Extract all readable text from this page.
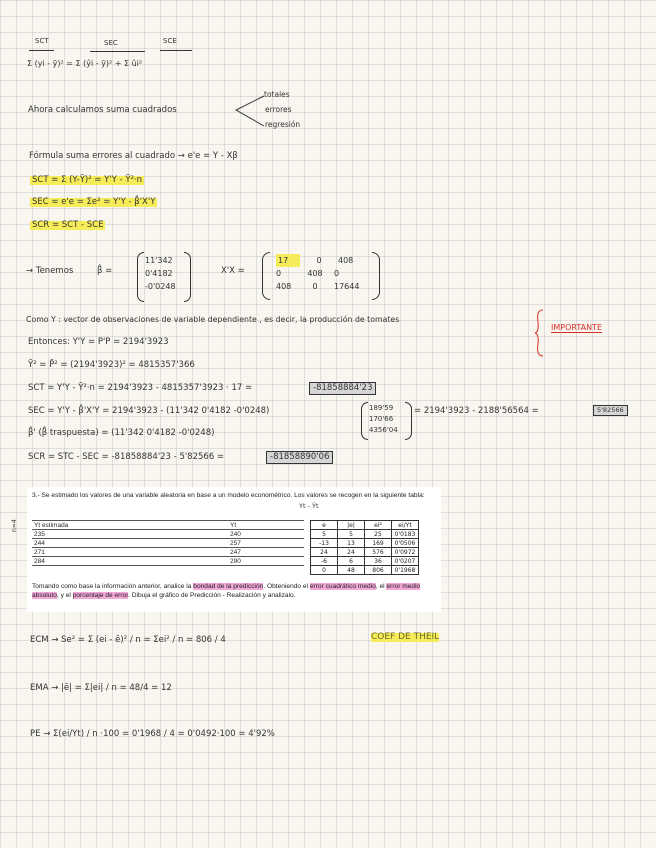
SCT	SEC	SCE
Σ (yi - ȳ)² = Σ (ŷi - ȳ)² + Σ ûi²
Ahora calculamos suma cuadrados
totales
errores
regresión
Fórmula suma errores al cuadrado → e'e = Y - Xβ
SCT = Σ (Y-Ȳ)² = Y'Y - Ȳ²·n
SEC = e'e = Σe² = Y'Y - β̂'X'Y
SCR = SCT - SCE
→ Tenemos	β̂ =
11'342
0'4182
-0'0248
X'X =
17	0	408
0	408	0
408	0	17644
Como Y : vector de observaciones de variable dependiente , es decir, la producción de tomates
IMPORTANTE
Entonces: Y'Y = P'P = 2194'3923
Ȳ² = P̄² = (2194'3923)² = 4815357'366
SCT = Y'Y - Ȳ²·n = 2194'3923 - 4815357'3923 · 17 =	-81858884'23
SEC = Y'Y - β̂'X'Y = 2194'3923 - (11'342 0'4182 -0'0248)	189'59
170'66
4356'04
= 2194'3923 - 2188'56564 =	5'82566
β̂' (β̂ traspuesta) = (11'342 0'4182 -0'0248)
SCR = STC - SEC = -81858884'23 - 5'82566 =	-81858890'06
3.- Se estimado los valores de una variable aleatoria en base a un modelo econométrico. Los valores se recogen en la siguiente tabla:
Yt estimada	Yt
235	240
244	257
271	247
284	290
Tomando como base la información anterior, analice la bondad de la predicción. Obteniendo el error cuadrático medio, el error medio absoluto, y el porcentaje de error. Dibuja el gráfico de Predicción - Realización y analizalo.
n=4
Yt - Ŷt
e	|e|	ei²	ei/Yt
5	5	25	0'0183
-13	13	169	0'0506
24	24	576	0'0972
-6	6	36	0'0207
0	48	806	0'1968
ECM → Se² = Σ (ei - ē)² / n = Σei² / n = 806 / 4	COEF DE THEIL
EMA → |ē| = Σ|ei| / n = 48/4 = 12
PE → Σ(ei/Yt) / n ·100 = 0'1968 / 4 = 0'0492·100 = 4'92%
